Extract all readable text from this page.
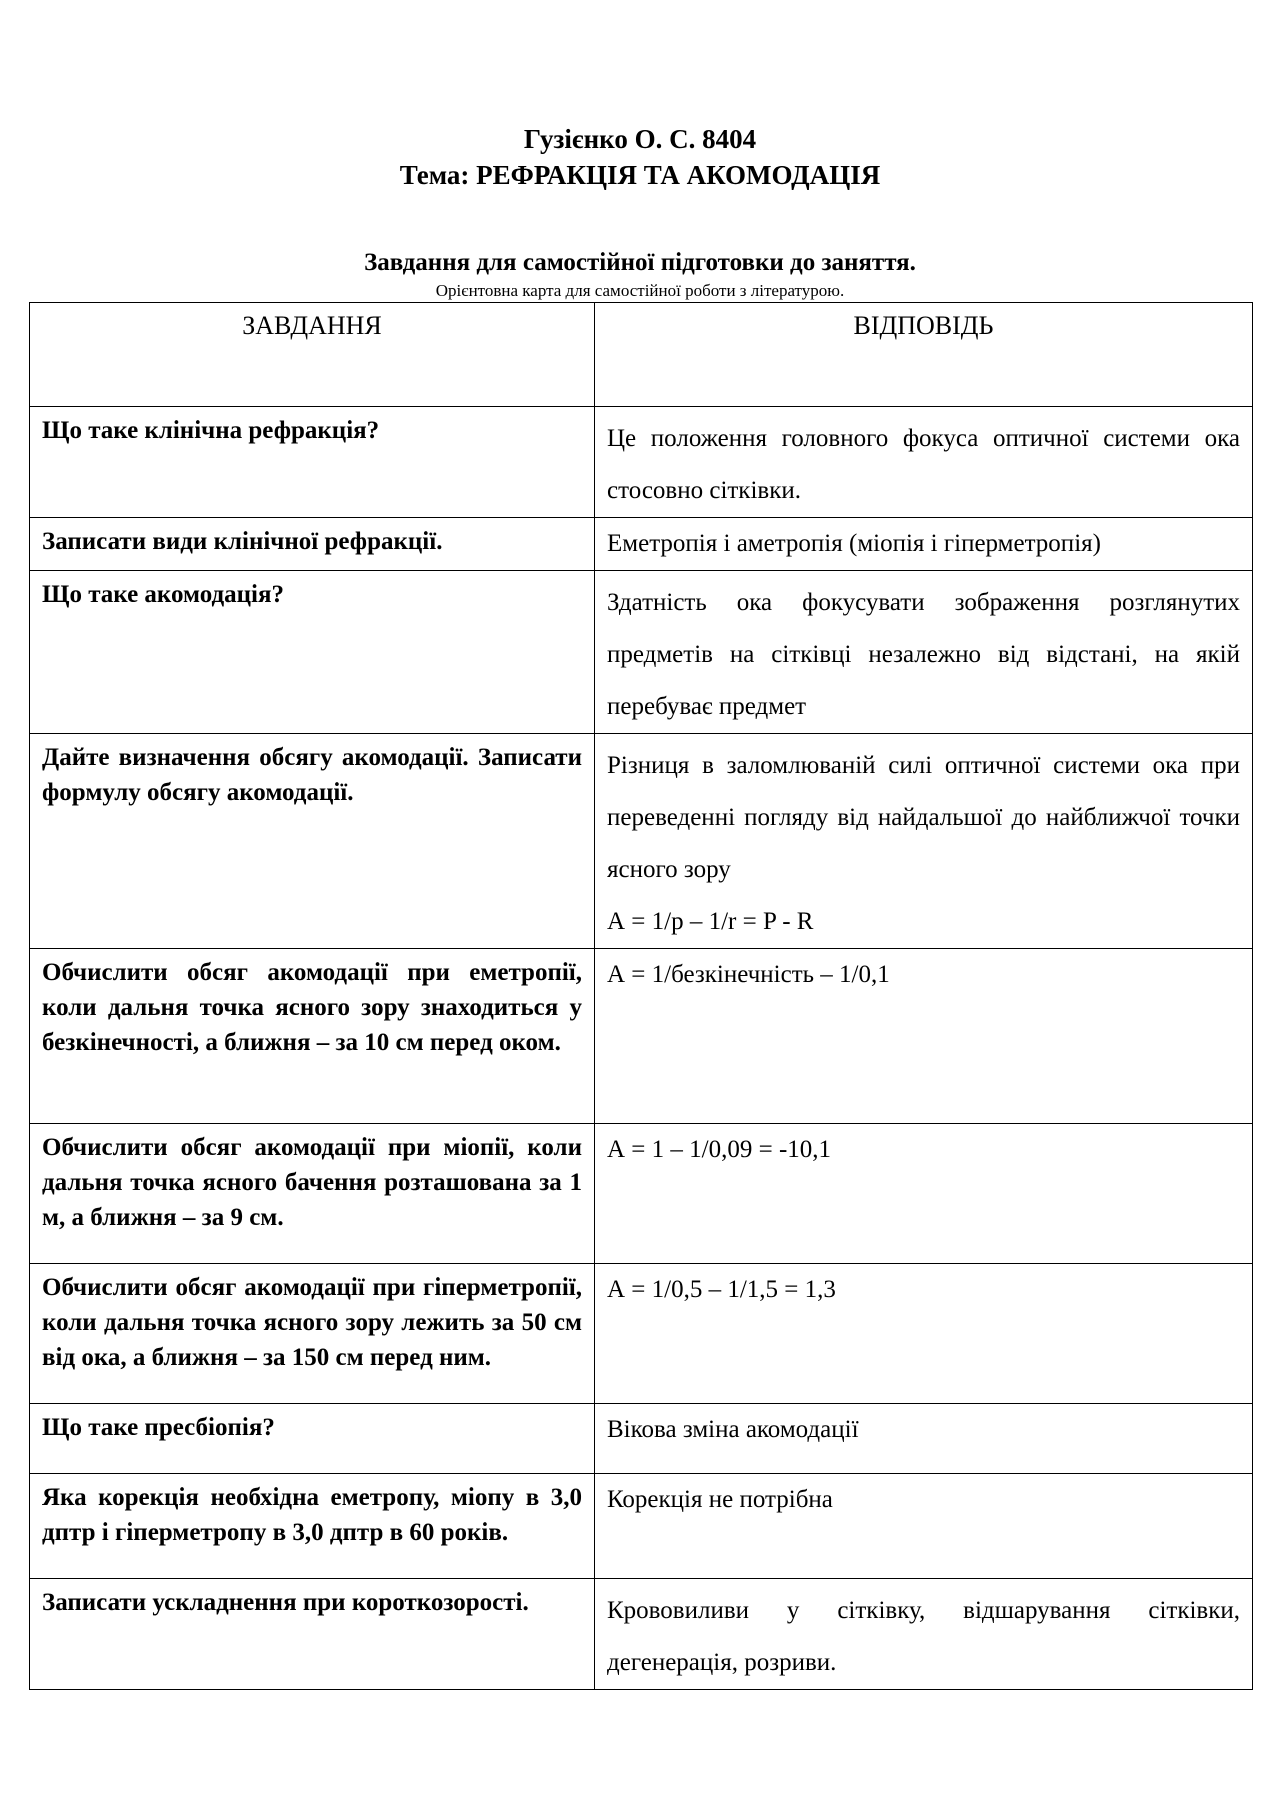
Гузієнко О. С. 8404
Тема: РЕФРАКЦІЯ ТА АКОМОДАЦІЯ
Завдання для самостійної підготовки до заняття.
Орієнтовна карта для самостійної роботи з літературою.
ЗАВДАННЯ	ВІДПОВІДЬ
Що таке клінічна рефракція?	Це положення головного фокуса оптичної системи ока стосовно сітківки.
Записати види клінічної рефракції.	Еметропія і аметропія (міопія і гіперметропія)
Що таке акомодація?	Здатність ока фокусувати зображення розглянутих предметів на сітківці незалежно від відстані, на якій перебуває предмет
Дайте визначення обсягу акомодації. Записати формулу обсягу акомодації.	Різниця в заломлюваній силі оптичної системи ока при переведенні погляду від найдальшої до найближчої точки ясного зору
А = 1/p – 1/r = P - R

Обчислити обсяг акомодації при еметропії, коли дальня точка ясного зору знаходиться у безкінечності, а ближня – за 10 см перед оком.	А = 1/безкінечність – 1/0,1
Обчислити обсяг акомодації при міопії, коли дальня точка ясного бачення розташована за 1 м, а ближня – за 9 см.	А = 1 – 1/0,09 = -10,1
Обчислити обсяг акомодації при гіперметропії, коли дальня точка ясного зору лежить за 50 см від ока, а ближня – за 150 см перед ним.	А = 1/0,5 – 1/1,5 = 1,3
Що таке пресбіопія?	Вікова зміна акомодації
Яка корекція необхідна еметропу, міопу в 3,0 дптр і гіперметропу в 3,0 дптр в 60 років.	Корекція не потрібна
Записати ускладнення при короткозорості.	Крововиливи у сітківку, відшарування сітківки, дегенерація, розриви.
